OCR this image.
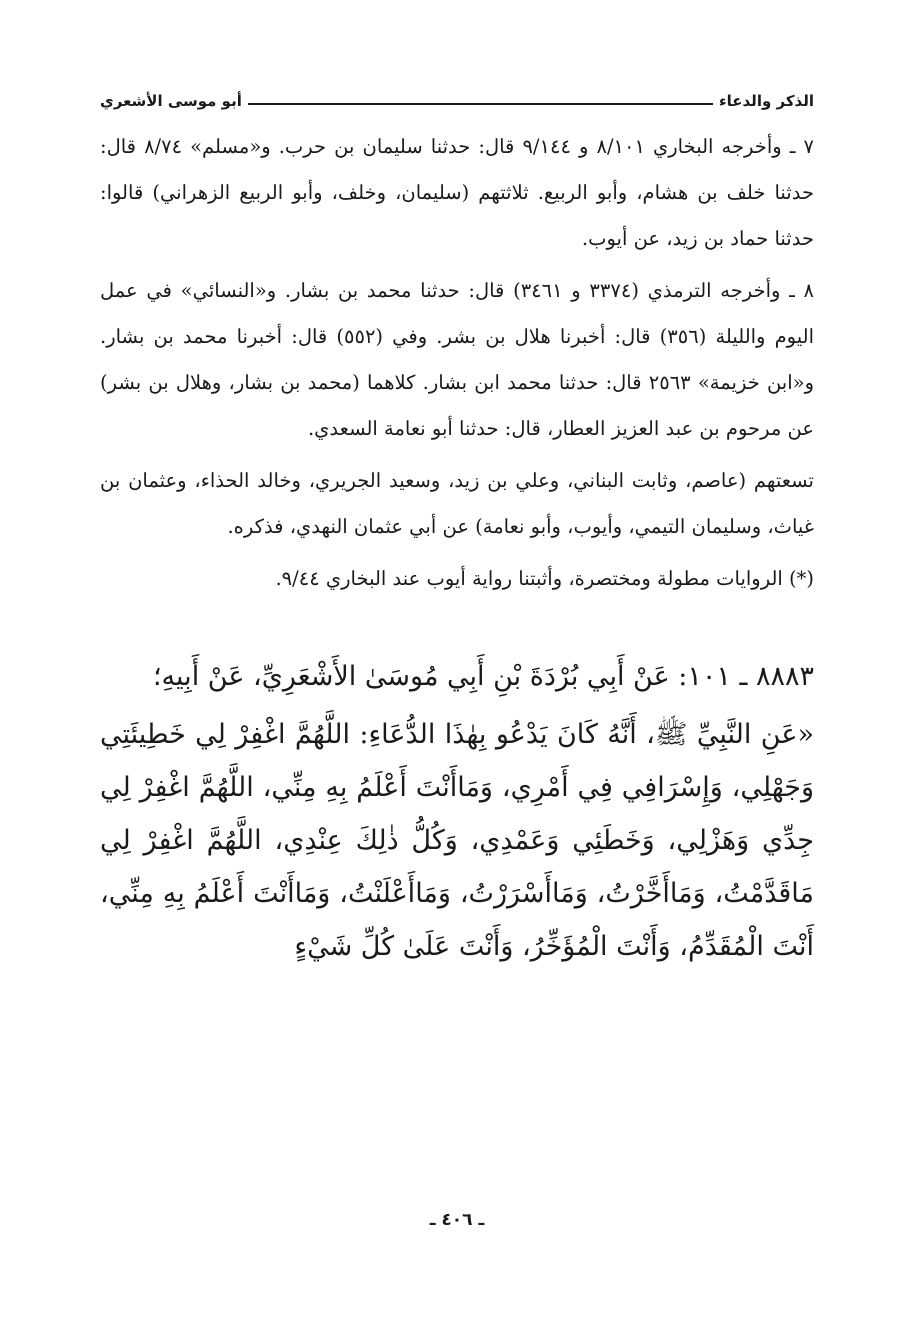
الذكر والدعاء
أبو موسى الأشعري

٧ ـ وأخرجه البخاري ٨/١٠١ و ٩/١٤٤ قال: حدثنا سليمان بن حرب. و«مسلم» ٨/٧٤ قال: حدثنا خلف بن هشام، وأبو الربيع. ثلاثتهم (سليمان، وخلف، وأبو الربيع الزهراني) قالوا: حدثنا حماد بن زيد، عن أيوب.

٨ ـ وأخرجه الترمذي (٣٣٧٤ و ٣٤٦١) قال: حدثنا محمد بن بشار. و«النسائي» في عمل اليوم والليلة (٣٥٦) قال: أخبرنا هلال بن بشر. وفي (٥٥٢) قال: أخبرنا محمد بن بشار. و«ابن خزيمة» ٢٥٦٣ قال: حدثنا محمد ابن بشار. كلاهما (محمد بن بشار، وهلال بن بشر) عن مرحوم بن عبد العزيز العطار، قال: حدثنا أبو نعامة السعدي.

تسعتهم (عاصم، وثابت البناني، وعلي بن زيد، وسعيد الجريري، وخالد الحذاء، وعثمان بن غياث، وسليمان التيمي، وأيوب، وأبو نعامة) عن أبي عثمان النهدي، فذكره.

(*) الروايات مطولة ومختصرة، وأثبتنا رواية أيوب عند البخاري ٩/٤٤.

٨٨٨٣ ـ ١٠١: عَنْ أَبِي بُرْدَةَ بْنِ أَبِي مُوسَىٰ الأَشْعَرِيِّ، عَنْ أَبِيهِ؛
«عَنِ النَّبِيِّ ﷺ، أَنَّهُ كَانَ يَدْعُو بِهٰذَا الدُّعَاءِ: اللَّهُمَّ اغْفِرْ لِي خَطِيئَتِي وَجَهْلِي، وَإِسْرَافِي فِي أَمْرِي، وَمَاأَنْتَ أَعْلَمُ بِهِ مِنِّي، اللَّهُمَّ اغْفِرْ لِي جِدِّي وَهَزْلِي، وَخَطَئِي وَعَمْدِي، وَكُلُّ ذٰلِكَ عِنْدِي، اللَّهُمَّ اغْفِرْ لِي مَاقَدَّمْتُ، وَمَاأَخَّرْتُ، وَمَاأَسْرَرْتُ، وَمَاأَعْلَنْتُ، وَمَاأَنْتَ أَعْلَمُ بِهِ مِنِّي، أَنْتَ الْمُقَدِّمُ، وَأَنْتَ الْمُؤَخِّرُ، وَأَنْتَ عَلَىٰ كُلِّ شَيْءٍ
ـ ٤٠٦ ـ
